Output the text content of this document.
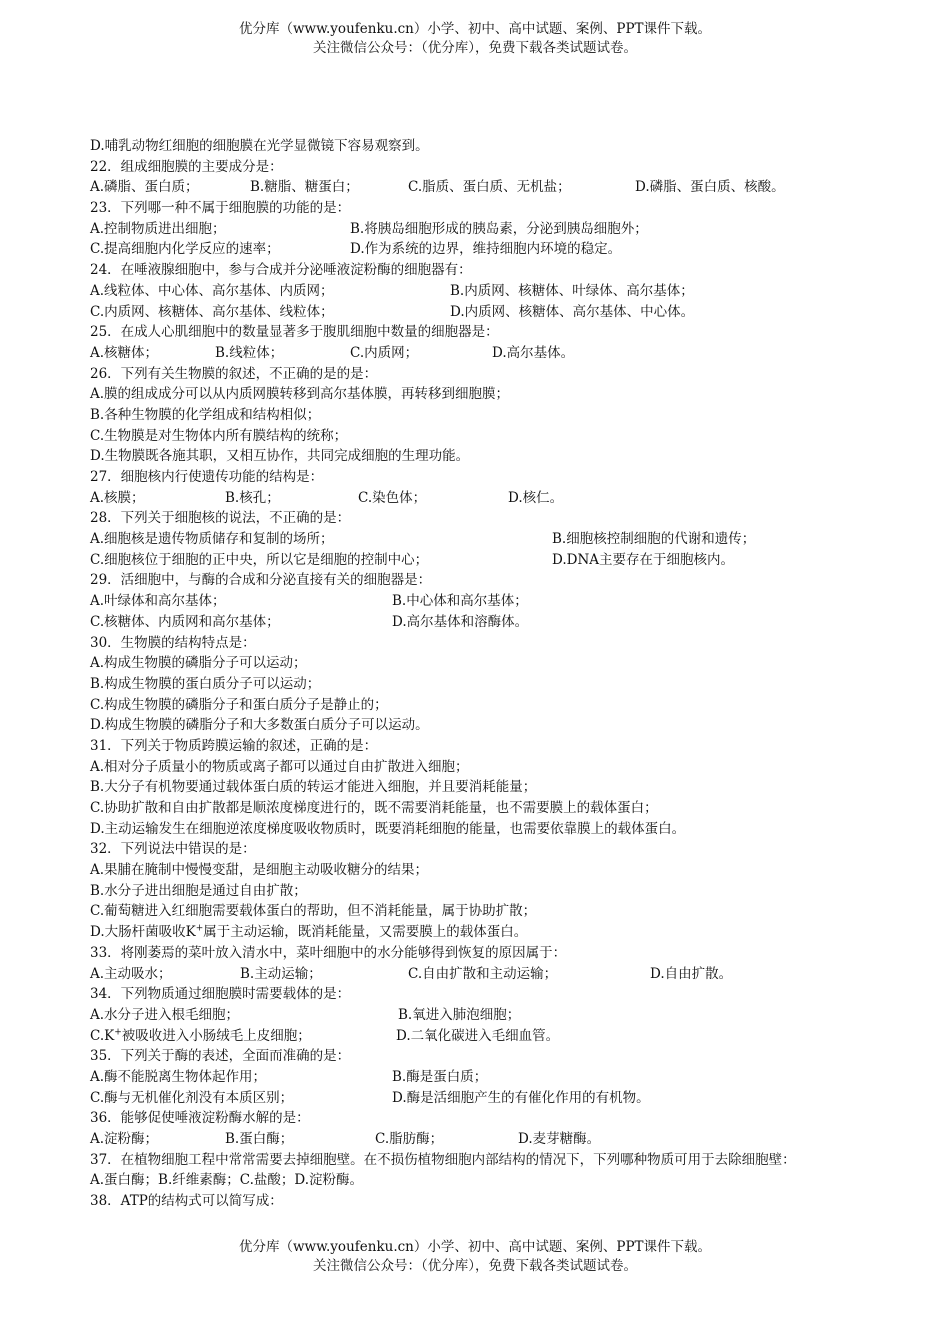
优分库（www.youfenku.cn）小学、初中、高中试题、案例、PPT课件下载。
关注微信公众号：（优分库），免费下载各类试题试卷。
D.哺乳动物红细胞的细胞膜在光学显微镜下容易观察到。
22．组成细胞膜的主要成分是：
A.磷脂、蛋白质；	B.糖脂、糖蛋白；	C.脂质、蛋白质、无机盐；	D.磷脂、蛋白质、核酸。
23．下列哪一种不属于细胞膜的功能的是：
A.控制物质进出细胞；	B.将胰岛细胞形成的胰岛素，分泌到胰岛细胞外；
C.提高细胞内化学反应的速率；	D.作为系统的边界，维持细胞内环境的稳定。
24．在唾液腺细胞中，参与合成并分泌唾液淀粉酶的细胞器有：
A.线粒体、中心体、高尔基体、内质网；	B.内质网、核糖体、叶绿体、高尔基体；
C.内质网、核糖体、高尔基体、线粒体；	D.内质网、核糖体、高尔基体、中心体。
25．在成人心肌细胞中的数量显著多于腹肌细胞中数量的细胞器是：
A.核糖体；	B.线粒体；	C.内质网；	D.高尔基体。
26．下列有关生物膜的叙述，不正确的是的是：
A.膜的组成成分可以从内质网膜转移到高尔基体膜，再转移到细胞膜；
B.各种生物膜的化学组成和结构相似；
C.生物膜是对生物体内所有膜结构的统称；
D.生物膜既各施其职，又相互协作，共同完成细胞的生理功能。
27．细胞核内行使遗传功能的结构是：
A.核膜；	B.核孔；	C.染色体；	D.核仁。
28．下列关于细胞核的说法，不正确的是：
A.细胞核是遗传物质储存和复制的场所；	B.细胞核控制细胞的代谢和遗传；
C.细胞核位于细胞的正中央，所以它是细胞的控制中心；	D.DNA主要存在于细胞核内。
29．活细胞中，与酶的合成和分泌直接有关的细胞器是：
A.叶绿体和高尔基体；	B.中心体和高尔基体；
C.核糖体、内质网和高尔基体；	D.高尔基体和溶酶体。
30．生物膜的结构特点是：
A.构成生物膜的磷脂分子可以运动；
B.构成生物膜的蛋白质分子可以运动；
C.构成生物膜的磷脂分子和蛋白质分子是静止的；
D.构成生物膜的磷脂分子和大多数蛋白质分子可以运动。
31．下列关于物质跨膜运输的叙述，正确的是：
A.相对分子质量小的物质或离子都可以通过自由扩散进入细胞；
B.大分子有机物要通过载体蛋白质的转运才能进入细胞，并且要消耗能量；
C.协助扩散和自由扩散都是顺浓度梯度进行的，既不需要消耗能量，也不需要膜上的载体蛋白；
D.主动运输发生在细胞逆浓度梯度吸收物质时，既要消耗细胞的能量，也需要依靠膜上的载体蛋白。
32．下列说法中错误的是：
A.果脯在腌制中慢慢变甜，是细胞主动吸收糖分的结果；
B.水分子进出细胞是通过自由扩散；
C.葡萄糖进入红细胞需要载体蛋白的帮助，但不消耗能量，属于协助扩散；
D.大肠杆菌吸收K+属于主动运输，既消耗能量，又需要膜上的载体蛋白。
33．将刚萎焉的菜叶放入清水中，菜叶细胞中的水分能够得到恢复的原因属于：
A.主动吸水；	B.主动运输；	C.自由扩散和主动运输；	D.自由扩散。
34．下列物质通过细胞膜时需要载体的是：
A.水分子进入根毛细胞；	B.氧进入肺泡细胞；
C.K+被吸收进入小肠绒毛上皮细胞；	D.二氧化碳进入毛细血管。
35．下列关于酶的表述，全面而准确的是：
A.酶不能脱离生物体起作用；	B.酶是蛋白质；
C.酶与无机催化剂没有本质区别；	D.酶是活细胞产生的有催化作用的有机物。
36．能够促使唾液淀粉酶水解的是：
A.淀粉酶；	B.蛋白酶；	C.脂肪酶；	D.麦芽糖酶。
37．在植物细胞工程中常常需要去掉细胞壁。在不损伤植物细胞内部结构的情况下，下列哪种物质可用于去除细胞壁：
A.蛋白酶；B.纤维素酶；C.盐酸；D.淀粉酶。
38．ATP的结构式可以简写成：
优分库（www.youfenku.cn）小学、初中、高中试题、案例、PPT课件下载。
关注微信公众号：（优分库），免费下载各类试题试卷。
